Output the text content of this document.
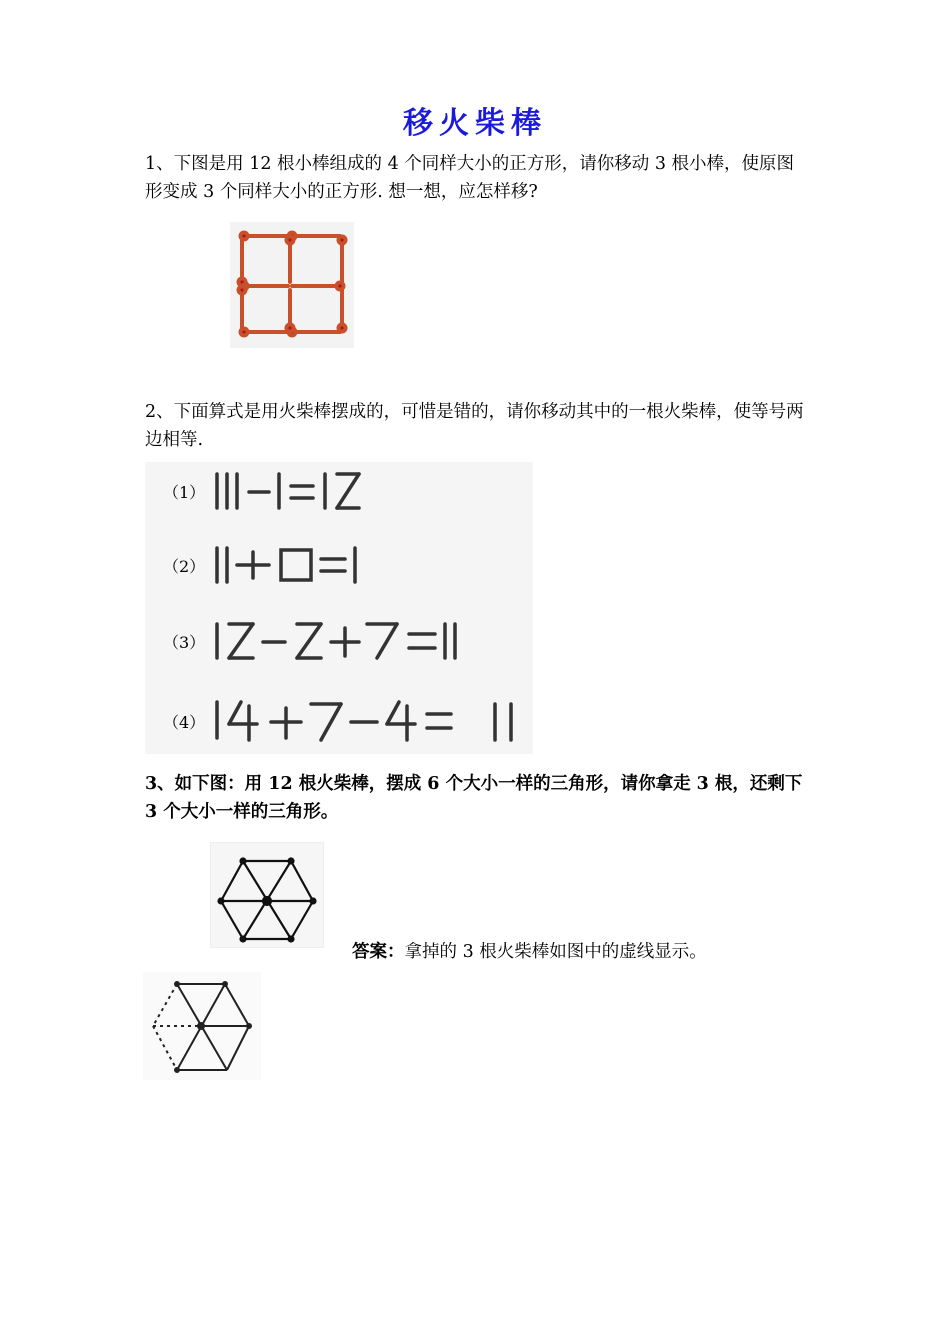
移火柴棒
1、下图是用 12 根小棒组成的 4 个同样大小的正方形，请你移动 3 根小棒，使原图形变成 3 个同样大小的正方形. 想一想，应怎样移?
2、下面算式是用火柴棒摆成的，可惜是错的，请你移动其中的一根火柴棒，使等号两边相等.
（1）
（2）
（3）
（4）
3、如下图：用 12 根火柴棒，摆成 6 个大小一样的三角形，请你拿走 3 根，还剩下 3 个大小一样的三角形。
答案：拿掉的 3 根火柴棒如图中的虚线显示。
